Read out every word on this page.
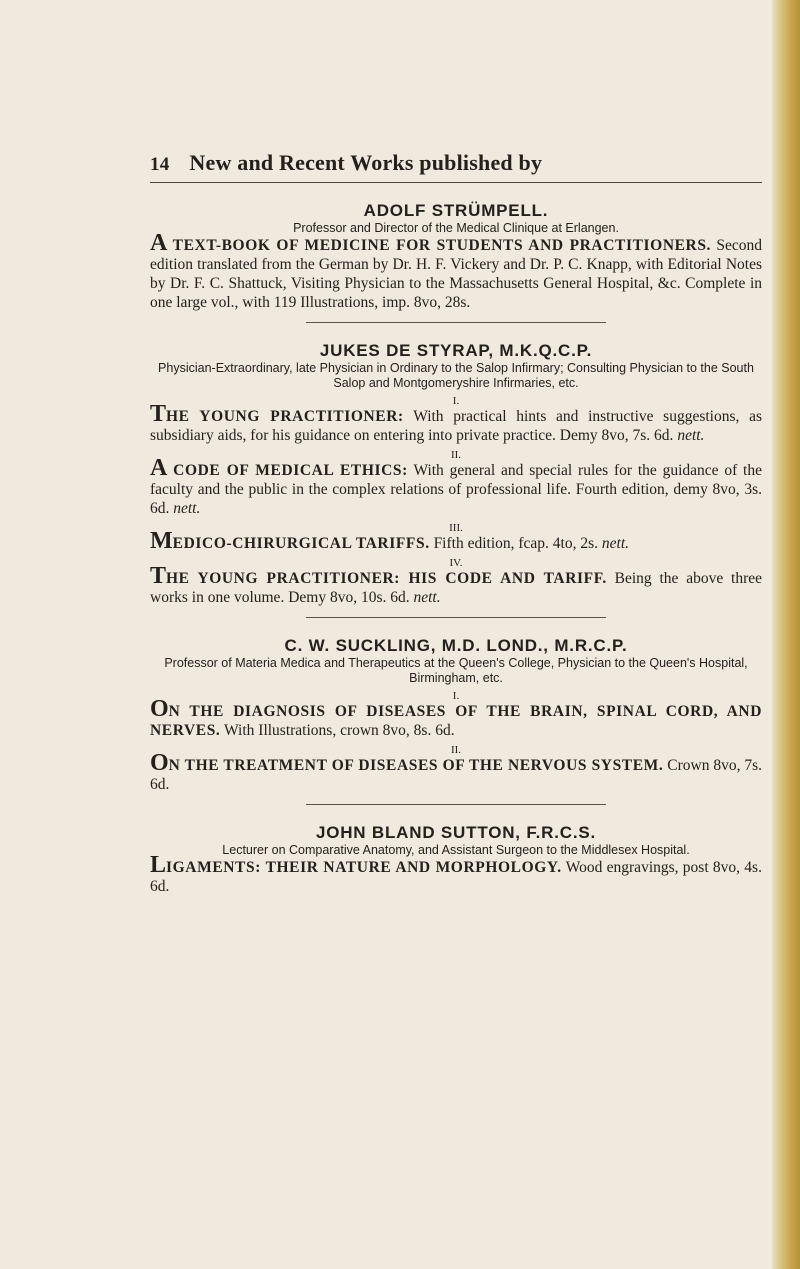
14 New and Recent Works published by

ADOLF STRÜMPELL.

Professor and Director of the Medical Clinique at Erlangen.

A TEXT-BOOK OF MEDICINE FOR STUDENTS AND PRACTITIONERS. Second edition translated from the German by Dr. H. F. Vickery and Dr. P. C. Knapp, with Editorial Notes by Dr. F. C. Shattuck, Visiting Physician to the Massachusetts General Hospital, &c. Complete in one large vol., with 119 Illustrations, imp. 8vo, 28s.

JUKES DE STYRAP, M.K.Q.C.P.

Physician-Extraordinary, late Physician in Ordinary to the Salop Infirmary; Consulting Physician to the South Salop and Montgomeryshire Infirmaries, etc.

I.

THE YOUNG PRACTITIONER: With practical hints and instructive suggestions, as subsidiary aids, for his guidance on entering into private practice. Demy 8vo, 7s. 6d. nett.

II.

A CODE OF MEDICAL ETHICS: With general and special rules for the guidance of the faculty and the public in the complex relations of professional life. Fourth edition, demy 8vo, 3s. 6d. nett.

III.

MEDICO-CHIRURGICAL TARIFFS. Fifth edition, fcap. 4to, 2s. nett.

IV.

THE YOUNG PRACTITIONER: HIS CODE AND TARIFF. Being the above three works in one volume. Demy 8vo, 10s. 6d. nett.

C. W. SUCKLING, M.D. LOND., M.R.C.P.

Professor of Materia Medica and Therapeutics at the Queen's College, Physician to the Queen's Hospital, Birmingham, etc.

I.

ON THE DIAGNOSIS OF DISEASES OF THE BRAIN, SPINAL CORD, AND NERVES. With Illustrations, crown 8vo, 8s. 6d.

II.

ON THE TREATMENT OF DISEASES OF THE NERVOUS SYSTEM. Crown 8vo, 7s. 6d.

JOHN BLAND SUTTON, F.R.C.S.

Lecturer on Comparative Anatomy, and Assistant Surgeon to the Middlesex Hospital.

LIGAMENTS: THEIR NATURE AND MORPHOLOGY. Wood engravings, post 8vo, 4s. 6d.
